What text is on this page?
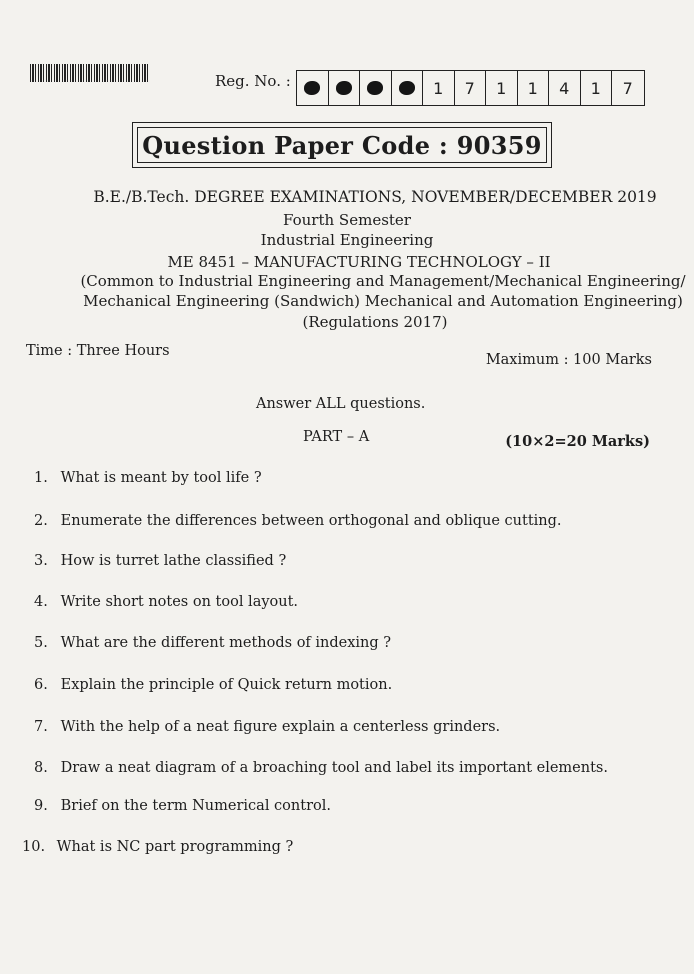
Reg. No. :	1	7	1	1	4	1	7
Question Paper Code : 90359
B.E./B.Tech. DEGREE EXAMINATIONS, NOVEMBER/DECEMBER 2019
Fourth Semester
Industrial Engineering
ME 8451 – MANUFACTURING TECHNOLOGY – II
(Common to Industrial Engineering and Management/Mechanical Engineering/
Mechanical Engineering (Sandwich) Mechanical and Automation Engineering)
(Regulations 2017)
Time : Three Hours
Maximum : 100 Marks
Answer ALL questions.
PART – A	(10×2=20 Marks)
1. What is meant by tool life ?
2. Enumerate the differences between orthogonal and oblique cutting.
3. How is turret lathe classified ?
4. Write short notes on tool layout.
5. What are the different methods of indexing ?
6. Explain the principle of Quick return motion.
7. With the help of a neat figure explain a centerless grinders.
8. Draw a neat diagram of a broaching tool and label its important elements.
9. Brief on the term Numerical control.
10. What is NC part programming ?
